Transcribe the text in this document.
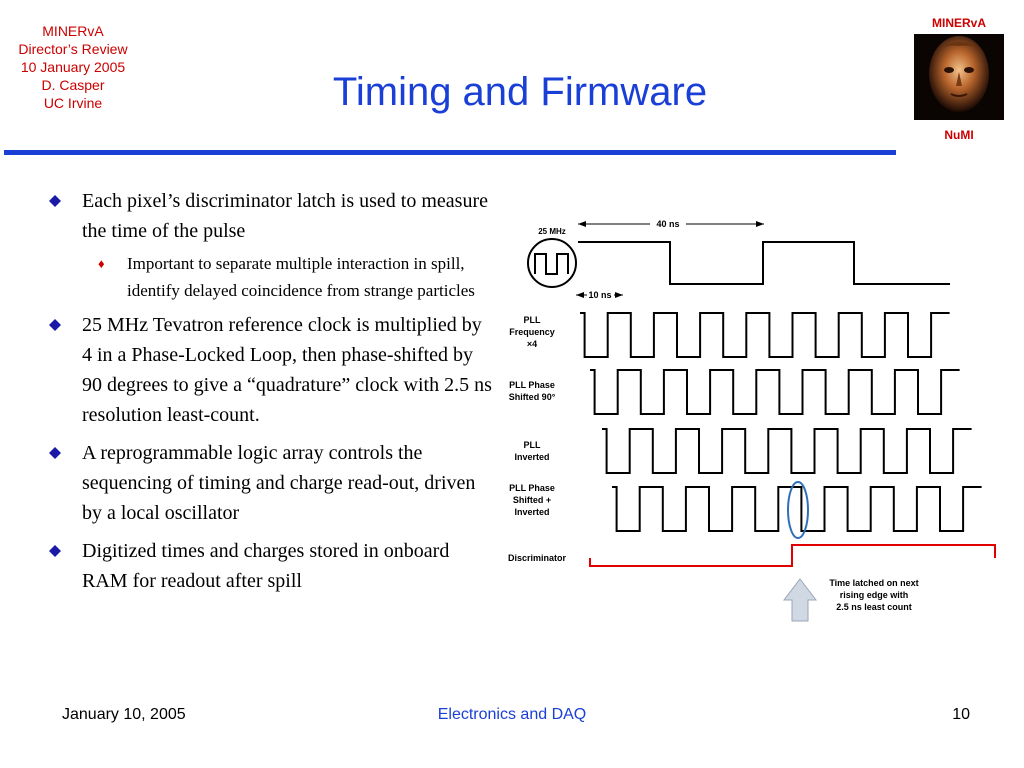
MINERvA
Director’s Review
10 January 2005
D. Casper
UC Irvine	Timing and Firmware
MINERvA
NuMI
Each pixel’s discriminator latch is used to measure the time of the pulse
♦ Important to separate multiple interaction in spill, identify delayed coincidence from strange particles
25 MHz Tevatron reference clock is multiplied by 4 in a Phase-Locked Loop, then phase-shifted by 90 degrees to give a “quadrature” clock with 2.5 ns resolution least-count.
A reprogrammable logic array controls the sequencing of timing and charge read-out, driven by a local oscillator
Digitized times and charges stored in onboard RAM for readout after spill
40 ns
25 MHz
10 ns
PLL
Frequency
×4
PLL Phase
Shifted 90°
PLL
Inverted
PLL Phase
Shifted +
Inverted
Discriminator
Time latched on next
rising edge with
2.5 ns least count
January 10, 2005	Electronics and DAQ	10
